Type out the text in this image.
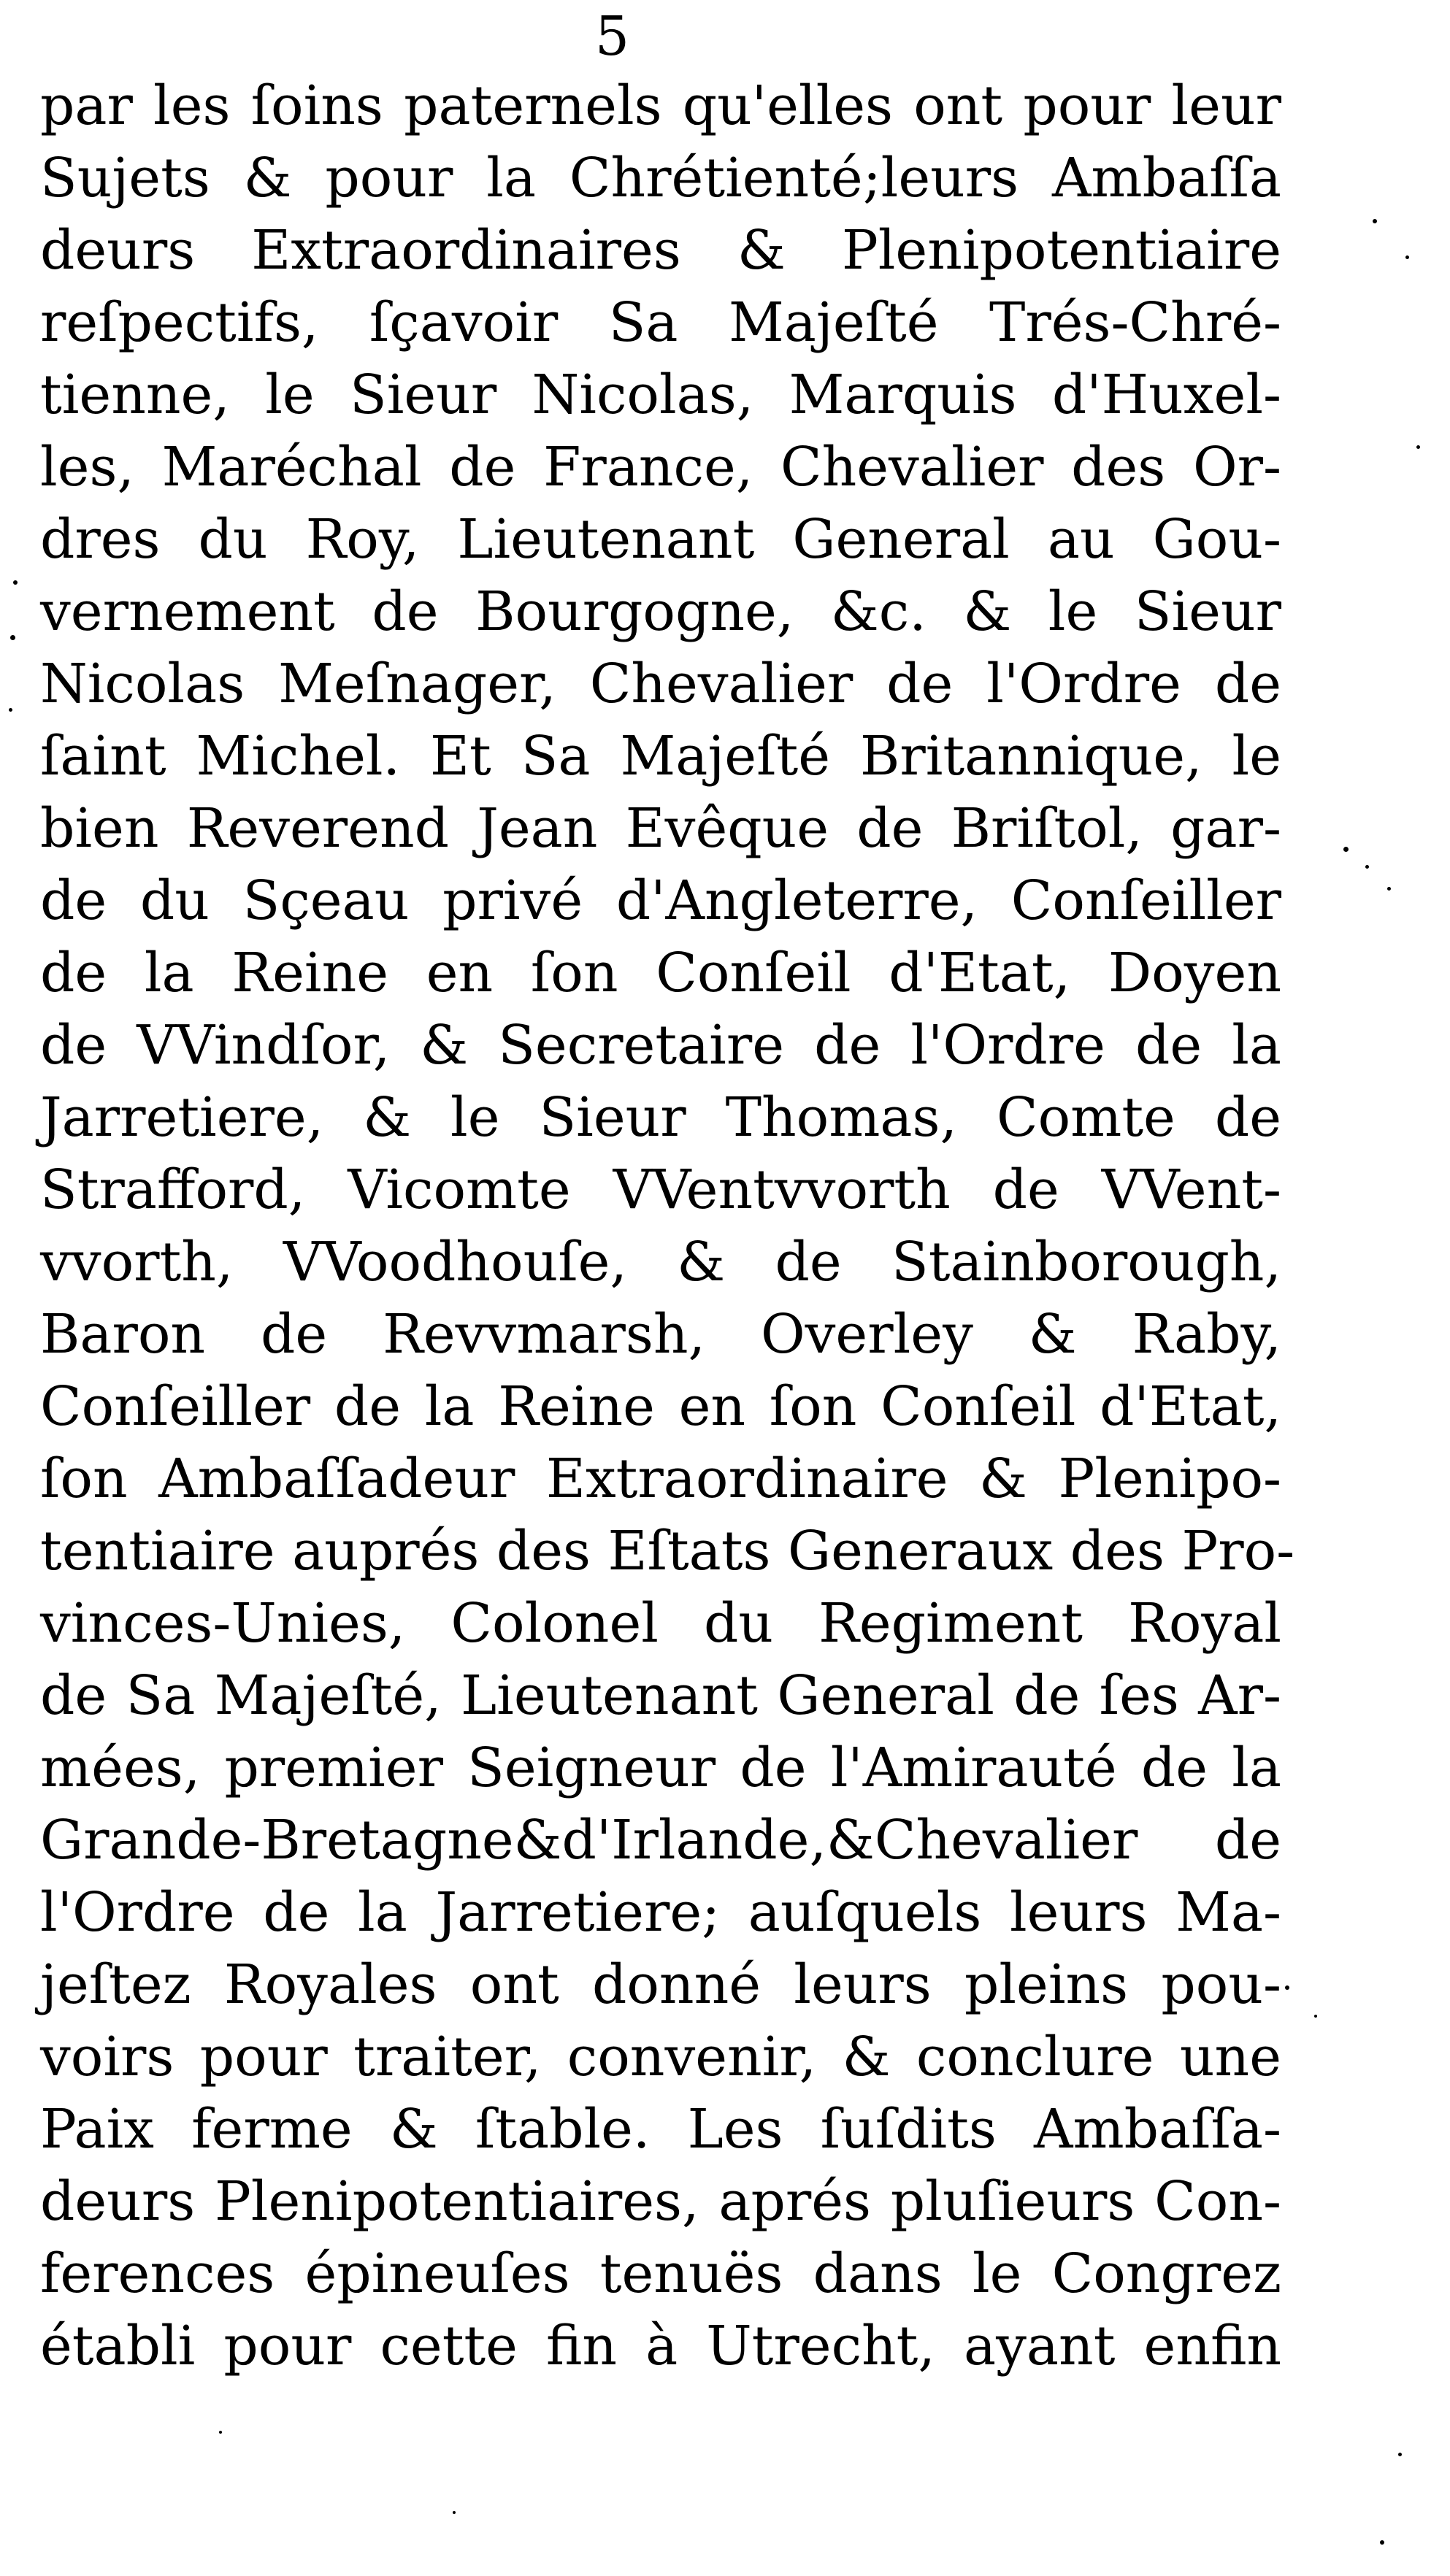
5
par les ſoins paternels qu'elles ont pour leur
Sujets & pour la Chrétienté;leurs Ambaſſa
deurs Extraordinaires & Plenipotentiaire
reſpectifs, ſçavoir Sa Majeſté Trés-Chré-
tienne, le Sieur Nicolas, Marquis d'Huxel-
les, Maréchal de France, Chevalier des Or-
dres du Roy, Lieutenant General au Gou-
vernement de Bourgogne, &c. & le Sieur
Nicolas Meſnager, Chevalier de l'Ordre de
ſaint Michel. Et Sa Majeſté Britannique, le
bien Reverend Jean Evêque de Briſtol, gar-
de du Sçeau privé d'Angleterre, Conſeiller
de la Reine en ſon Conſeil d'Etat, Doyen
de VVindſor, & Secretaire de l'Ordre de la
Jarretiere, & le Sieur Thomas, Comte de
Strafford, Vicomte VVentvvorth de VVent-
vvorth, VVoodhouſe, & de Stainborough,
Baron de Revvmarsh, Overley & Raby,
Conſeiller de la Reine en ſon Conſeil d'Etat,
ſon Ambaſſadeur Extraordinaire & Plenipo-
tentiaire auprés des Eſtats Generaux des Pro-
vinces-Unies, Colonel du Regiment Royal
de Sa Majeſté, Lieutenant General de ſes Ar-
mées, premier Seigneur de l'Amirauté de la
Grande-Bretagne&d'Irlande,&Chevalier de
l'Ordre de la Jarretiere; auſquels leurs Ma-
jeſtez Royales ont donné leurs pleins pou-
voirs pour traiter, convenir, & conclure une
Paix ferme & ſtable. Les ſuſdits Ambaſſa-
deurs Plenipotentiaires, aprés pluſieurs Con-
ferences épineuſes tenuës dans le Congrez
établi pour cette fin à Utrecht, ayant enfin
